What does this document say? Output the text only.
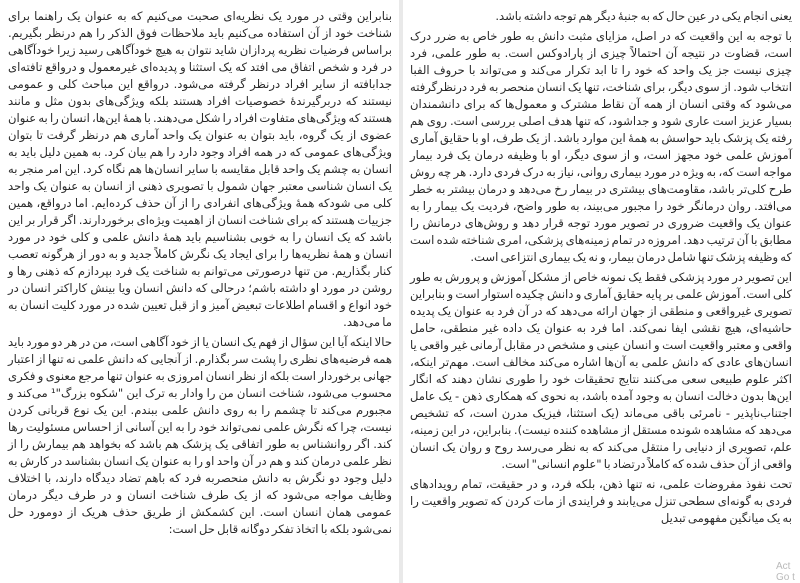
بنابراین وقتی در مورد یک نظریه‌ای صحبت می‌کنیم که به عنوان یک راهنما برای شناخت خود از آن استفاده می‌کنیم باید ملاحظات فوق الذکر را هم درنظر بگیریم. براساس فرضیات نظریه پردازان شاید نتوان به هیچ خودآگاهی رسید زیرا خودآگاهی در فرد و شخص اتفاق می افتد که یک استثنا و پدیده‌ای غیرمعمول و درواقع تافته‌ای جدابافته از سایر افراد درنظر گرفته می‌شود. درواقع این مباحث کلی و عمومی نیستند که دربرگیرندهٔ خصوصیات افراد هستند بلکه ویژگی‌های بدون مثل و مانند هستند که ویژگی‌های متفاوت افراد را شکل می‌دهند. با همهٔ این‌ها، انسان را به عنوان عضوی از یک گروه، باید بتوان به عنوان یک واحد آماری هم درنظر گرفت تا بتوان ویژگی‌های عمومی که در همه افراد وجود دارد را هم بیان کرد. به همین دلیل باید به انسان به چشم یک واحد قابل مقایسه با سایر انسان‌ها هم نگاه کرد. این امر منجر به یک انسان شناسی معتبر جهان شمول با تصویری ذهنی از انسان به عنوان یک واحد کلی می شودکه همهٔ ویژگی‌های انفرادی را از آن حذف کرده‌ایم. اما درواقع، همین جزییات هستند که برای شناخت انسان از اهمیت ویژه‌ای برخوردارند. اگر قرار بر این باشد که یک انسان را به خوبی بشناسیم باید همهٔ دانش علمی و کلی خود در مورد انسان و همهٔ نظریه‌ها را برای ایجاد یک نگرش کاملاً جدید و به دور از هرگونه تعصب کنار بگذاریم. من تنها درصورتی می‌توانم به شناخت یک فرد بپردازم که ذهنی رها و روشن در مورد او داشته باشم؛ درحالی که دانش انسان ویا بینش کاراکتر انسان در خود انواع و اقسام اطلاعات تبعیض آمیز و از قبل تعیین شده در مورد کلیت انسان به ما می‌دهد.

حالا اینکه آیا این سؤال از فهم یک انسان یا از خود آگاهی است، من در هر دو مورد باید همه فرضیه‌های نظری را پشت سر بگذارم. از آنجایی که دانش علمی نه تنها از اعتبار جهانی برخوردار است بلکه از نظر انسان امروزی به عنوان تنها مرجع معنوی و فکری محسوب می‌شود، شناخت انسان من را وادار به ترک این "شکوه بزرگ"¹ می‌کند و مجبورم می‌کند تا چشمم را به روی دانش علمی ببندم. این یک نوع قربانی کردن نیست، چرا که نگرش علمی نمی‌تواند خود را به این آسانی از احساس مسئولیت رها کند. اگر روانشناس به طور اتفاقی یک پزشک هم باشد که بخواهد هم بیمارش را از نظر علمی درمان کند و هم در آن واحد او را به عنوان یک انسان بشناسد در کارش به دلیل وجود دو نگرش به دانش منحصربه فرد که باهم تضاد دیدگاه دارند، با اختلاف وظایف مواجه می‌شود که از یک طرف شناخت انسان و در طرف دیگر درمان عمومی همان انسان است. این کشمکش از طریق حذف هریک از دومورد حل نمی‌شود بلکه با اتخاذ تفکر دوگانه قابل حل است:

یعنی انجام یکی در عین حال که به جنبهٔ دیگر هم توجه داشته باشد.

با توجه به این واقعیت که در اصل، مزایای مثبت دانش به طور خاص به ضرر درک است، قضاوت در نتیجه آن احتمالاً چیزی از پارادوکس است. به طور علمی، فرد چیزی نیست جز یک واحد که خود را تا ابد تکرار می‌کند و می‌تواند با حروف الفبا انتخاب شود. از سوی دیگر، برای شناخت، تنها یک انسان منحصر به فرد درنظرگرفته می‌شود که وقتی انسان از همه آن نقاط مشترک و معمول‌ها که برای دانشمندان بسیار عزیز است عاری شود و جداشود، که تنها هدف اصلی بررسی است. روی هم رفته یک پزشک باید حواسش به همهٔ این موارد باشد. از یک طرف، او با حقایق آماری آموزش علمی خود مجهز است، و از سوی دیگر، او با وظیفه درمان یک فرد بیمار مواجه است که، به ویژه در مورد بیماری روانی، نیاز به درک فردی دارد. هر چه روش طرح کلی‌تر باشد، مقاومت‌های بیشتری در بیمار رخ می‌دهد و درمان بیشتر به خطر می‌افتد. روان درمانگر خود را مجبور می‌بیند، به طور واضح، فردیت یک بیمار را به عنوان یک واقعیت ضروری در تصویر مورد توجه قرار دهد و روش‌های درمانش را مطابق با آن ترتیب دهد. امروزه در تمام زمینه‌های پزشکی، امری شناخته شده است که وظیفه پزشک تنها شامل درمان بیمار، و نه یک بیماری انتزاعی است.

این تصویر در مورد پزشکی فقط یک نمونه خاص از مشکل آموزش و پرورش به طور کلی است. آموزش علمی بر پایه حقایق آماری و دانش چکیده استوار است و بنابراین تصویری غیرواقعی و منطقی از جهان ارائه می‌دهد که در آن فرد به عنوان یک پدیده حاشیه‌ای، هیچ نقشی ایفا نمی‌کند. اما فرد به عنوان یک داده غیر منطقی، حامل واقعی و معتبر واقعیت است و انسان عینی و مشخص در مقابل آرمانی غیر واقعی یا انسان‌های عادی که دانش علمی به آن‌ها اشاره می‌کند مخالف است. مهم‌تر اینکه، اکثر علوم طبیعی سعی می‌کنند نتایج تحقیقات خود را طوری نشان دهند که انگار این‌ها بدون دخالت انسان به وجود آمده باشد، به نحوی که همکاری ذهن - یک عامل اجتناب‌ناپذیر - نامرئی باقی می‌ماند (یک استثنا، فیزیک مدرن است، که تشخیص می‌دهد که مشاهده شونده مستقل از مشاهده کننده نیست). بنابراین، در این زمینه، علم، تصویری از دنیایی را منتقل می‌کند که به نظر می‌رسد روح و روان یک انسان واقعی از آن حذف شده که کاملاً درتضاد با "علوم انسانی" است.

تحت نفوذ مفروضات علمی، نه تنها ذهن، بلکه فرد، و در حقیقت، تمام رویدادهای فردی به گونه‌ای سطحی تنزل می‌یابند و فرایندی از مات کردن که تصویر واقعیت را به یک میانگین مفهومی تبدیل

Act
Go t
